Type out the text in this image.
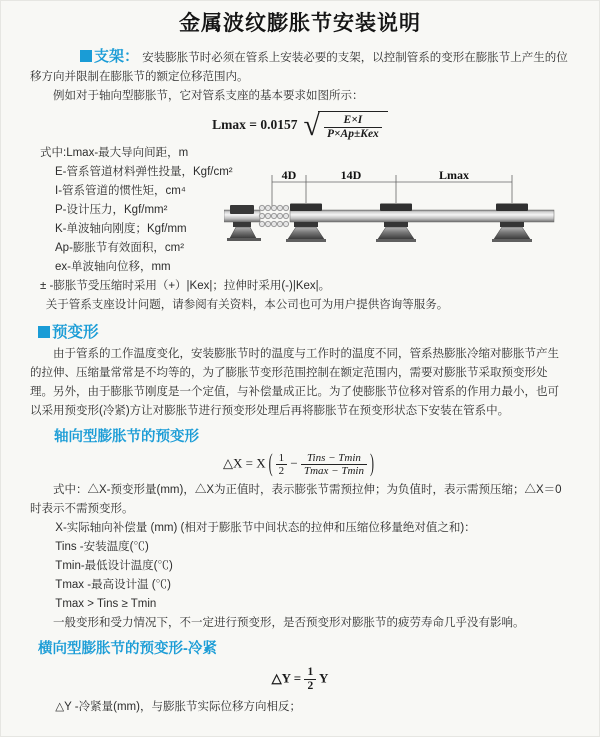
金属波纹膨胀节安装说明

支架： 安装膨胀节时必须在管系上安装必要的支架，以控制管系的变形在膨胀节上产生的位移方向并限制在膨胀节的额定位移范围内。

例如对于轴向型膨胀节，它对管系支座的基本要求如图所示：

Lmax = 0.0157 √ $\frac{E\times I}{\text{P×Ap±Kex}}$
式中:Lmax-最大导向间距，m
E-管系管道材料弹性投量，Kgf/cm²
I-管系管道的惯性矩，cm⁴
P-设计压力，Kgf/mm²
K-单波轴向刚度；Kgf/mm
Ap-膨胀节有效面积，cm²
ex-单波轴向位移，mm
± -膨胀节受压缩时采用（+）|Kex|；拉伸时采用(-)|Kex|。
4D	14D	Lmax

关于管系支座设计问题，请参阅有关资料，本公司也可为用户提供咨询等服务。

预变形

由于管系的工作温度变化，安装膨胀节时的温度与工作时的温度不同，管系热膨胀冷缩对膨胀节产生的拉伸、压缩量常常是不均等的，为了膨胀节变形范围控制在额定范围内，需要对膨胀节采取预变形处理。另外，由于膨胀节刚度是一个定值，与补偿量成正比。为了使膨胀节位移对管系的作用力最小，也可以采用预变形(冷紧)方让对膨胀节进行预变形处理后再将膨胀节在预变形状态下安装在管系中。

轴向型膨胀节的预变形
△X = X ( $\frac{1}{2} - \frac{\text{Tins − Tmin}}{Tmax - Tmin}$ )

式中：△X-预变形量(mm)，△X为正值时，表示膨张节需预拉伸；为负值时，表示需预压缩；△X＝0时表示不需预变形。

X-实际轴向补偿量 (mm) (相对于膨胀节中间状态的拉伸和压缩位移量绝对值之和)：

Tins -安装温度(℃)

Tmin-最低设计温度(℃)

Tmax -最高设计温 (℃)

Tmax > Tins ≥ Tmin

一般变形和受力情况下，不一定进行预变形，是否预变形对膨胀节的疲劳寿命几乎没有影响。

横向型膨胀节的预变形-冷紧
△Y = $\frac{1}{2}$ Y

△Y -冷紧量(mm)，与膨胀节实际位移方向相反；
